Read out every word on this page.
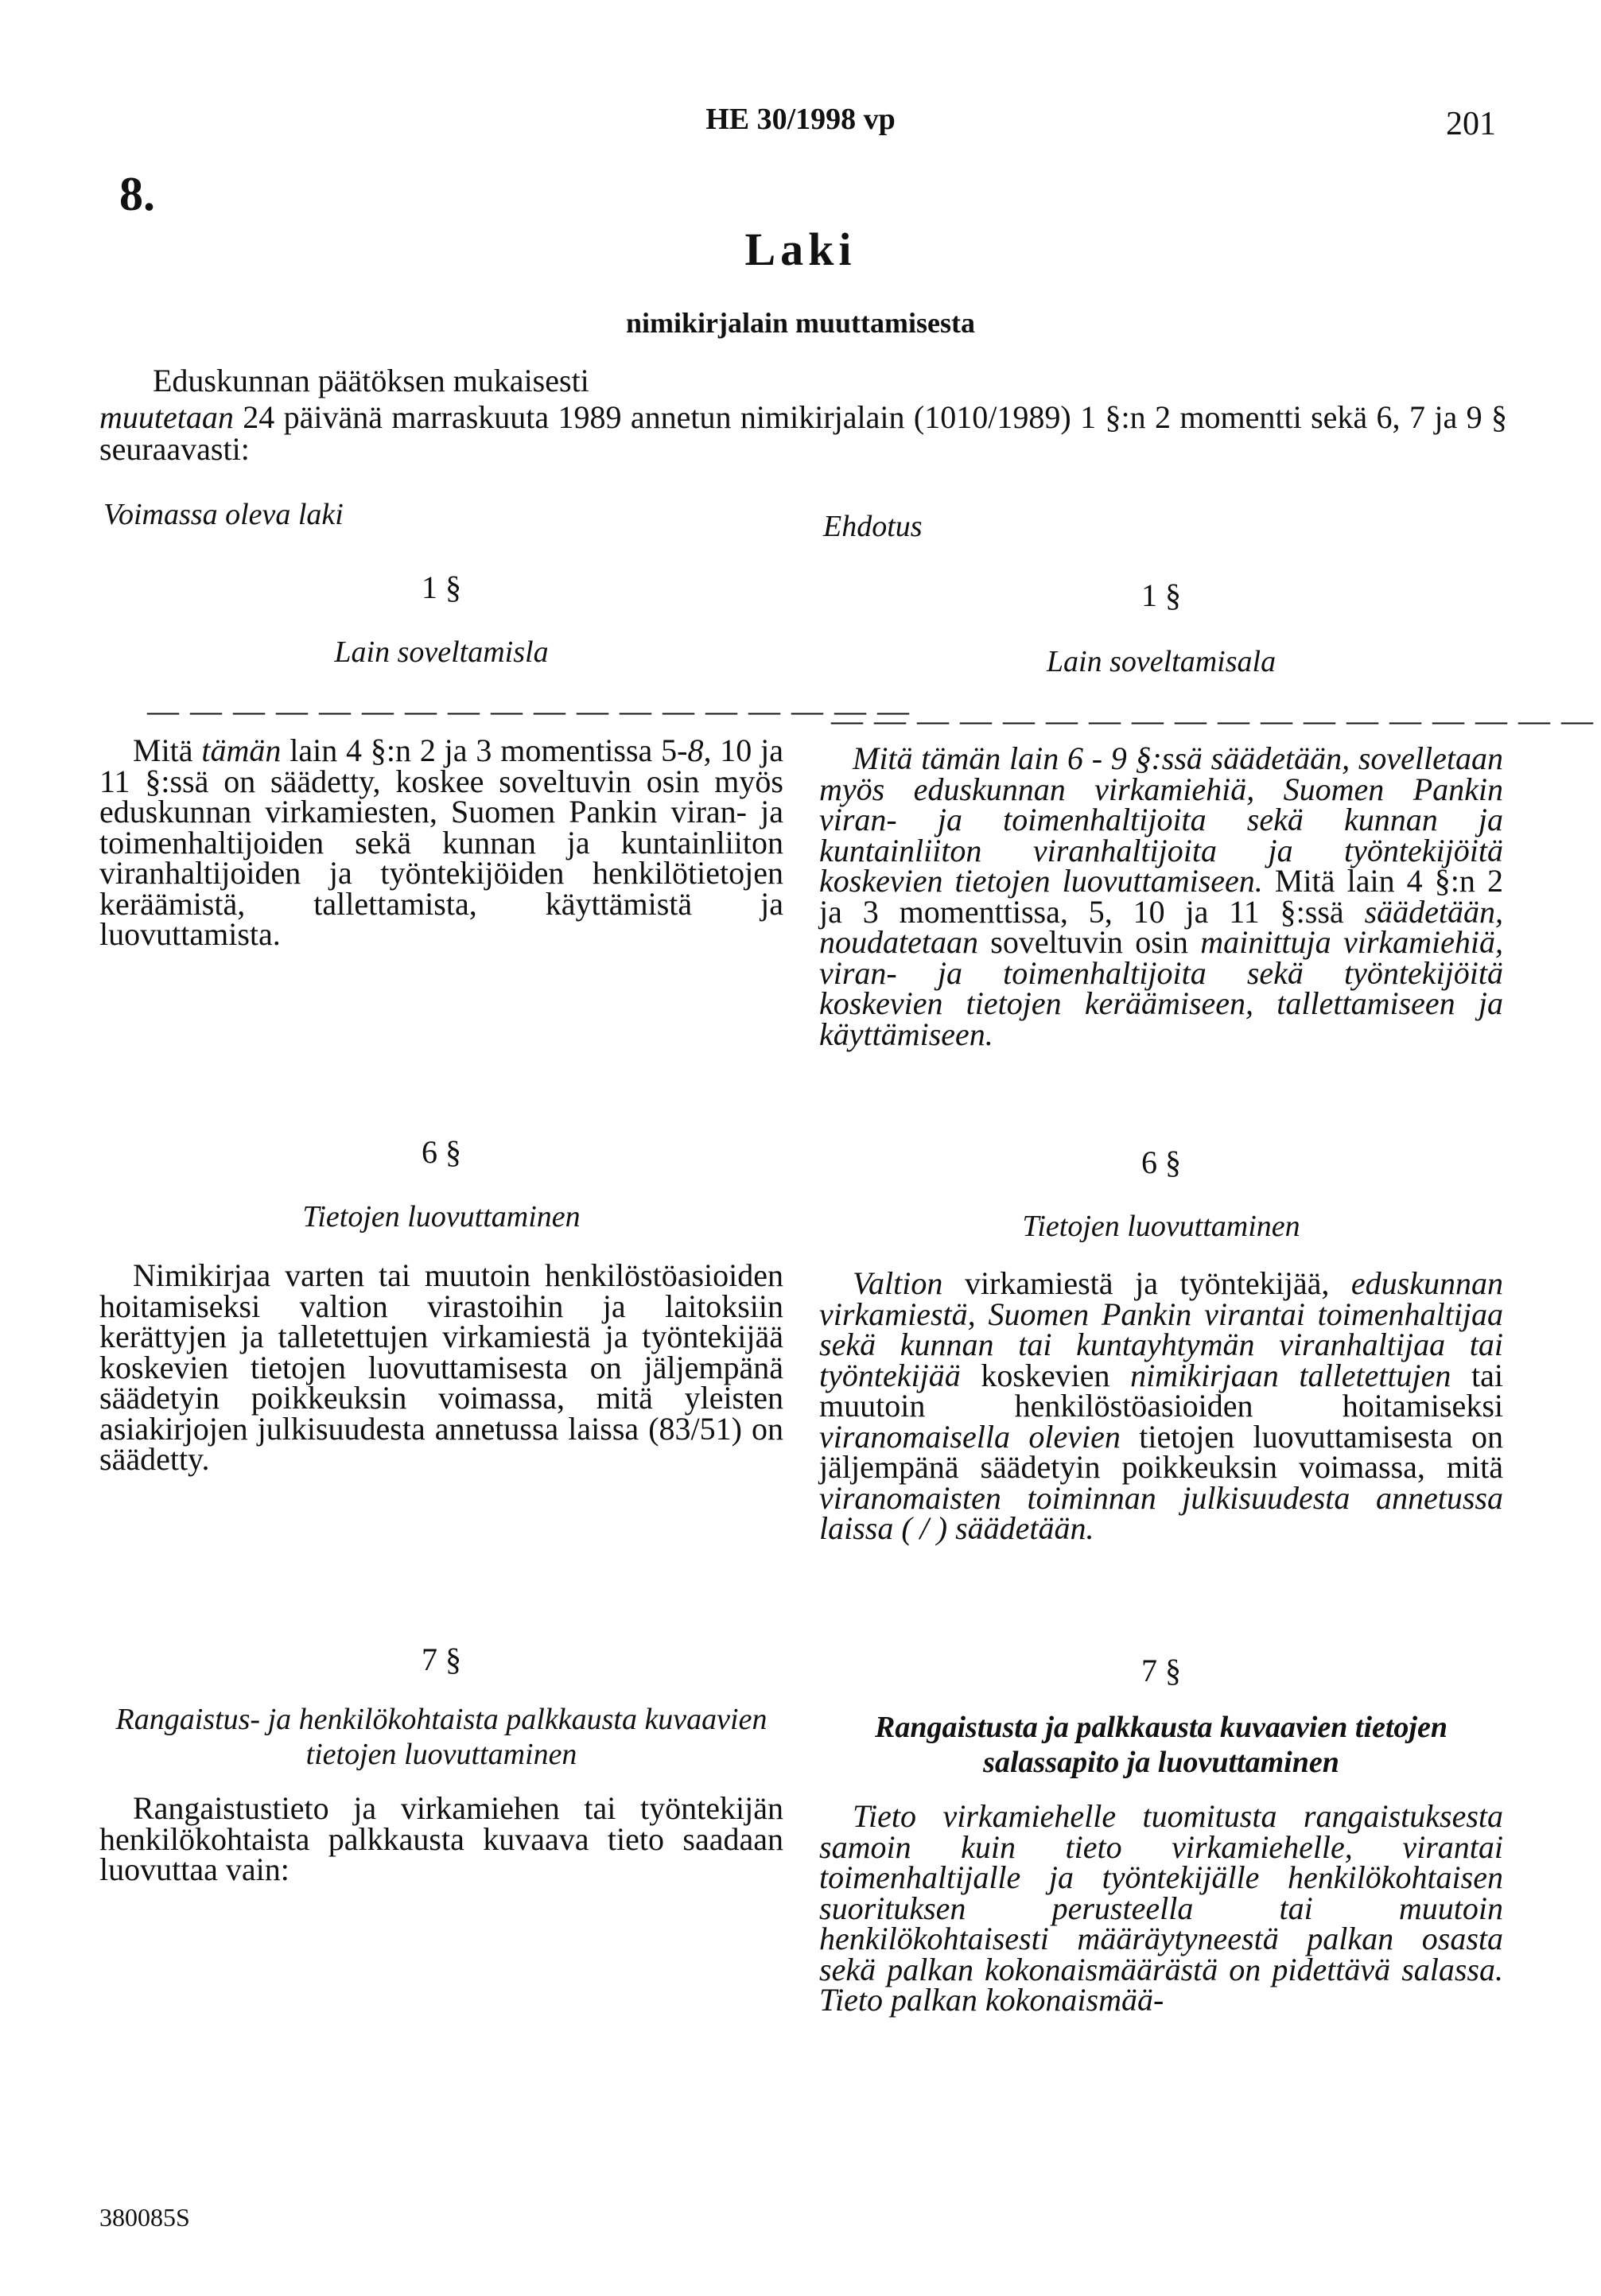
HE 30/1998 vp	201
8.
Laki
nimikirjalain muuttamisesta
Eduskunnan päätöksen mukaisesti
muutetaan 24 päivänä marraskuuta 1989 annetun nimikirjalain (1010/1989) 1 §:n 2 momentti sekä 6, 7 ja 9 § seuraavasti:
Voimassa oleva laki	Ehdotus
1 §
Lain soveltamisla
— — — — — — — — — — — — — — — — — —
Mitä tämän lain 4 §:n 2 ja 3 momentissa 5-8, 10 ja 11 §:ssä on säädetty, koskee soveltuvin osin myös eduskunnan virkamiesten, Suomen Pankin viran- ja toimenhaltijoiden sekä kunnan ja kuntainliiton viranhaltijoiden ja työntekijöiden henkilötietojen keräämistä, tallettamista, käyttämistä ja luovuttamista.
6 §
Tietojen luovuttaminen
Nimikirjaa varten tai muutoin henkilöstöasioiden hoitamiseksi valtion virastoihin ja laitoksiin kerättyjen ja talletettujen virkamiestä ja työntekijää koskevien tietojen luovuttamisesta on jäljempänä säädetyin poikkeuksin voimassa, mitä yleisten asiakirjojen julkisuudesta annetussa laissa (83/51) on säädetty.
7 §
Rangaistus- ja henkilökohtaista palkkausta kuvaavien tietojen luovuttaminen
Rangaistustieto ja virkamiehen tai työntekijän henkilökohtaista palkkausta kuvaava tieto saadaan luovuttaa vain:
1 §
Lain soveltamisala
— — — — — — — — — — — — — — — — — —
Mitä tämän lain 6 - 9 §:ssä säädetään, sovelletaan myös eduskunnan virkamiehiä, Suomen Pankin viran- ja toimenhaltijoita sekä kunnan ja kuntainliiton viranhaltijoita ja työntekijöitä koskevien tietojen luovuttamiseen. Mitä lain 4 §:n 2 ja 3 momenttissa, 5, 10 ja 11 §:ssä säädetään, noudatetaan soveltuvin osin mainittuja virkamiehiä, viran- ja toimenhaltijoita sekä työntekijöitä koskevien tietojen keräämiseen, tallettamiseen ja käyttämiseen.
6 §
Tietojen luovuttaminen
Valtion virkamiestä ja työntekijää, eduskunnan virkamiestä, Suomen Pankin virantai toimenhaltijaa sekä kunnan tai kuntayhtymän viranhaltijaa tai työntekijää koskevien nimikirjaan talletettujen tai muutoin henkilöstöasioiden hoitamiseksi viranomaisella olevien tietojen luovuttamisesta on jäljempänä säädetyin poikkeuksin voimassa, mitä viranomaisten toiminnan julkisuudesta annetussa laissa ( / ) säädetään.
7 §
Rangaistusta ja palkkausta kuvaavien tietojen salassapito ja luovuttaminen
Tieto virkamiehelle tuomitusta rangaistuksesta samoin kuin tieto virkamiehelle, virantai toimenhaltijalle ja työntekijälle henkilökohtaisen suorituksen perusteella tai muutoin henkilökohtaisesti määräytyneestä palkan osasta sekä palkan kokonaismäärästä on pidettävä salassa. Tieto palkan kokonaismää-
380085S
